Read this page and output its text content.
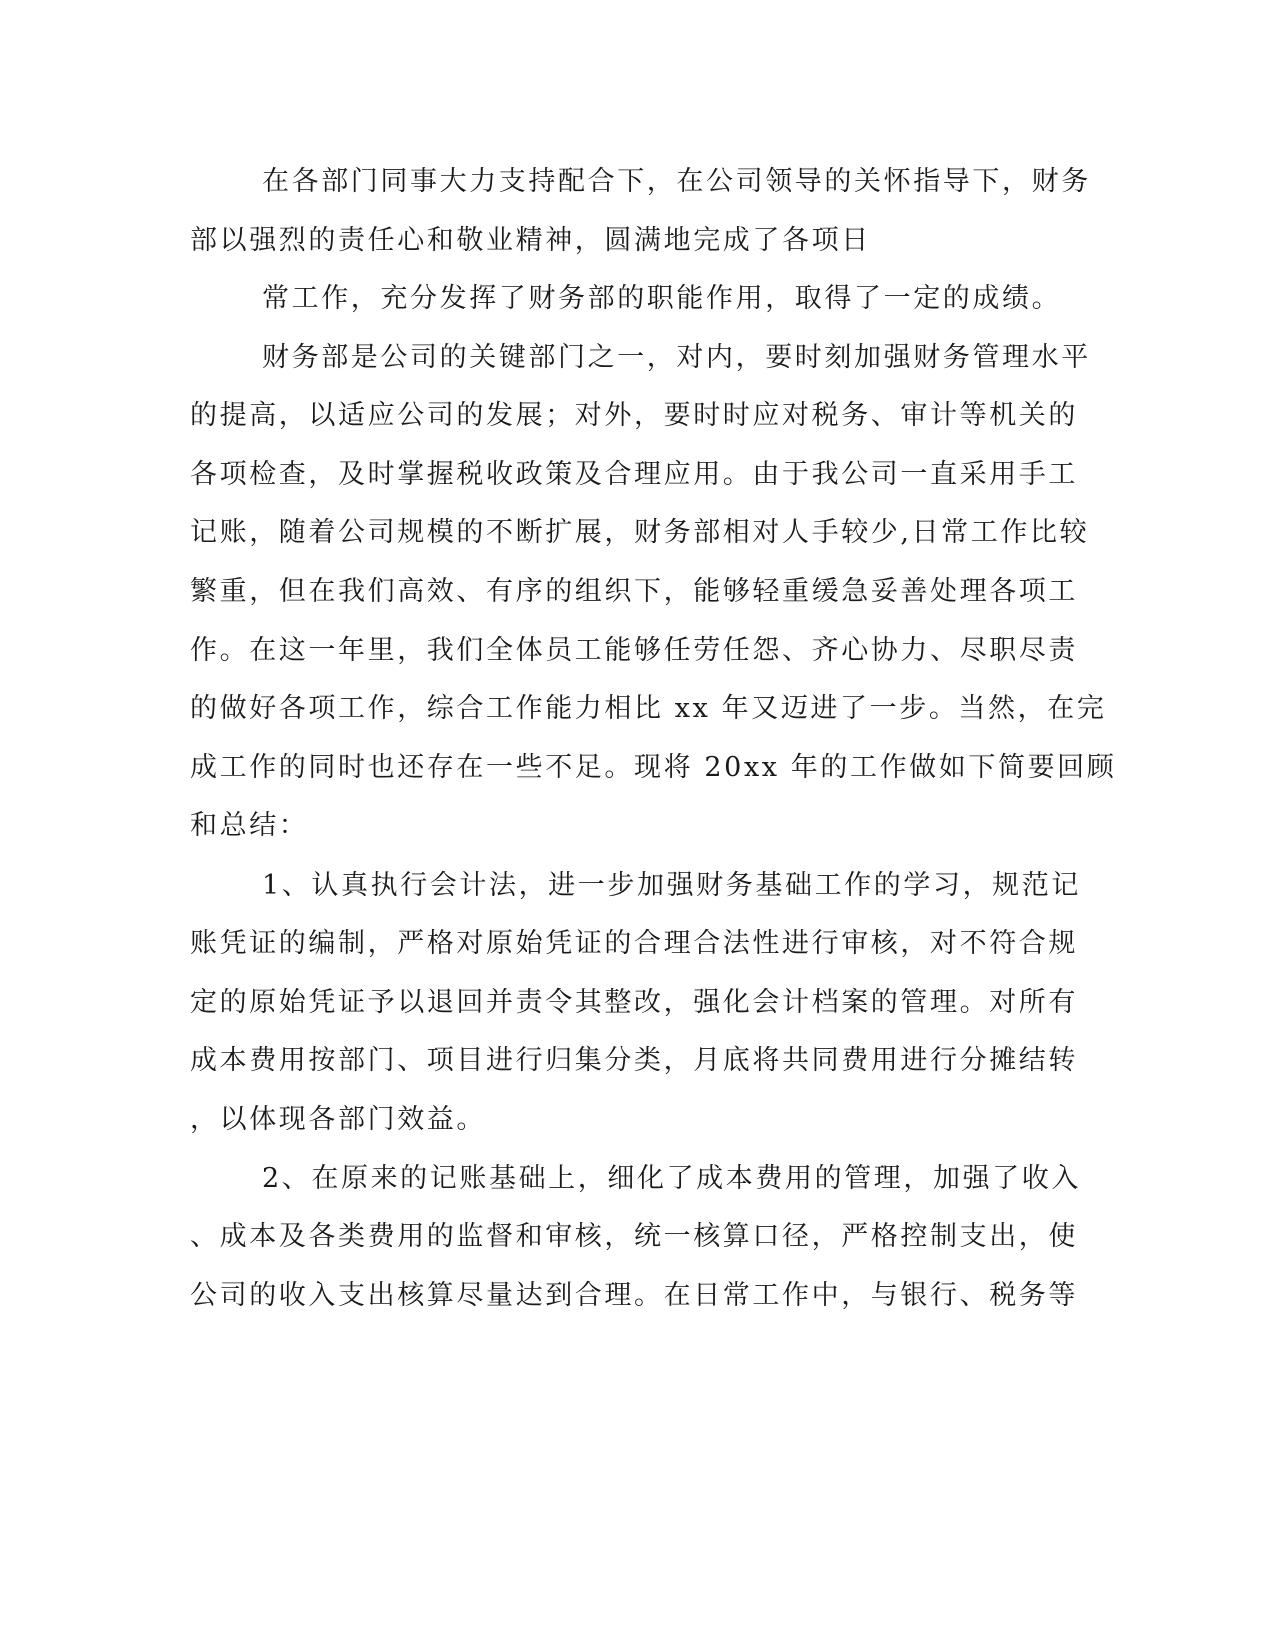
在各部门同事大力支持配合下，在公司领导的关怀指导下，财务
部以强烈的责任心和敬业精神，圆满地完成了各项日
常工作，充分发挥了财务部的职能作用，取得了一定的成绩。
财务部是公司的关键部门之一，对内，要时刻加强财务管理水平
的提高，以适应公司的发展；对外，要时时应对税务、审计等机关的
各项检查，及时掌握税收政策及合理应用。由于我公司一直采用手工
记账，随着公司规模的不断扩展，财务部相对人手较少,日常工作比较
繁重，但在我们高效、有序的组织下，能够轻重缓急妥善处理各项工
作。在这一年里，我们全体员工能够任劳任怨、齐心协力、尽职尽责
的做好各项工作，综合工作能力相比 xx 年又迈进了一步。当然，在完
成工作的同时也还存在一些不足。现将 20xx 年的工作做如下简要回顾
和总结：
1、认真执行会计法，进一步加强财务基础工作的学习，规范记
账凭证的编制，严格对原始凭证的合理合法性进行审核，对不符合规
定的原始凭证予以退回并责令其整改，强化会计档案的管理。对所有
成本费用按部门、项目进行归集分类，月底将共同费用进行分摊结转
，以体现各部门效益。
2、在原来的记账基础上，细化了成本费用的管理，加强了收入
、成本及各类费用的监督和审核，统一核算口径，严格控制支出，使
公司的收入支出核算尽量达到合理。在日常工作中，与银行、税务等
